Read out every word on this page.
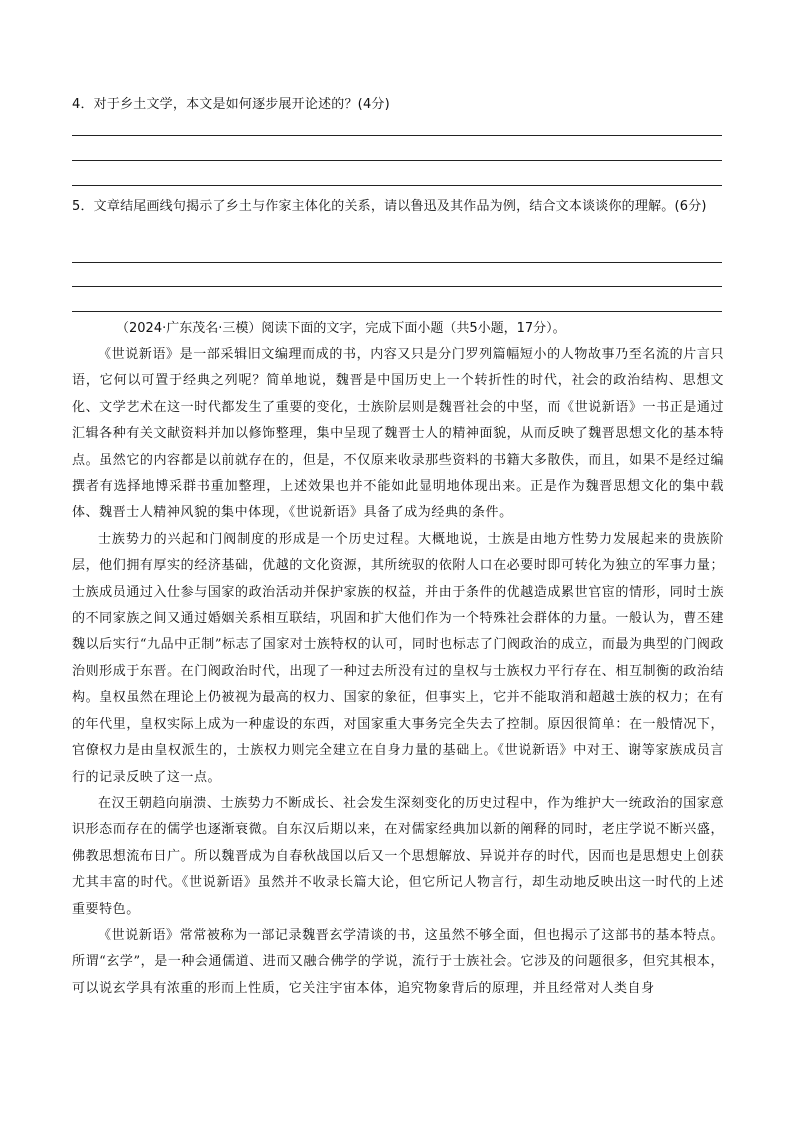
4．对于乡土文学，本文是如何逐步展开论述的？(4分)
5．文章结尾画线句揭示了乡土与作家主体化的关系，请以鲁迅及其作品为例，结合文本谈谈你的理解。(6分)
（2024·广东茂名·三模）阅读下面的文字，完成下面小题（共5小题，17分）。

《世说新语》是一部采辑旧文编理而成的书，内容又只是分门罗列篇幅短小的人物故事乃至名流的片言只语，它何以可置于经典之列呢？简单地说，魏晋是中国历史上一个转折性的时代，社会的政治结构、思想文化、文学艺术在这一时代都发生了重要的变化，士族阶层则是魏晋社会的中坚，而《世说新语》一书正是通过汇辑各种有关文献资料并加以修饰整理，集中呈现了魏晋士人的精神面貌，从而反映了魏晋思想文化的基本特点。虽然它的内容都是以前就存在的，但是，不仅原来收录那些资料的书籍大多散佚，而且，如果不是经过编撰者有选择地博采群书重加整理，上述效果也并不能如此显明地体现出来。正是作为魏晋思想文化的集中载体、魏晋士人精神风貌的集中体现，《世说新语》具备了成为经典的条件。

士族势力的兴起和门阀制度的形成是一个历史过程。大概地说，士族是由地方性势力发展起来的贵族阶层，他们拥有厚实的经济基础，优越的文化资源，其所统驭的依附人口在必要时即可转化为独立的军事力量；士族成员通过入仕参与国家的政治活动并保护家族的权益，并由于条件的优越造成累世官宦的情形，同时士族的不同家族之间又通过婚姻关系相互联结，巩固和扩大他们作为一个特殊社会群体的力量。一般认为，曹丕建魏以后实行“九品中正制”标志了国家对士族特权的认可，同时也标志了门阀政治的成立，而最为典型的门阀政治则形成于东晋。在门阀政治时代，出现了一种过去所没有过的皇权与士族权力平行存在、相互制衡的政治结构。皇权虽然在理论上仍被视为最高的权力、国家的象征，但事实上，它并不能取消和超越士族的权力；在有的年代里，皇权实际上成为一种虚设的东西，对国家重大事务完全失去了控制。原因很简单：在一般情况下，官僚权力是由皇权派生的，士族权力则完全建立在自身力量的基础上。《世说新语》中对王、谢等家族成员言行的记录反映了这一点。

在汉王朝趋向崩溃、士族势力不断成长、社会发生深刻变化的历史过程中，作为维护大一统政治的国家意识形态而存在的儒学也逐渐衰微。自东汉后期以来，在对儒家经典加以新的阐释的同时，老庄学说不断兴盛，佛教思想流布日广。所以魏晋成为自春秋战国以后又一个思想解放、异说并存的时代，因而也是思想史上创获尤其丰富的时代。《世说新语》虽然并不收录长篇大论，但它所记人物言行，却生动地反映出这一时代的上述重要特色。

《世说新语》常常被称为一部记录魏晋玄学清谈的书，这虽然不够全面，但也揭示了这部书的基本特点。所谓“玄学”，是一种会通儒道、进而又融合佛学的学说，流行于士族社会。它涉及的问题很多，但究其根本，可以说玄学具有浓重的形而上性质，它关注宇宙本体，追究物象背后的原理，并且经常对人类自身
